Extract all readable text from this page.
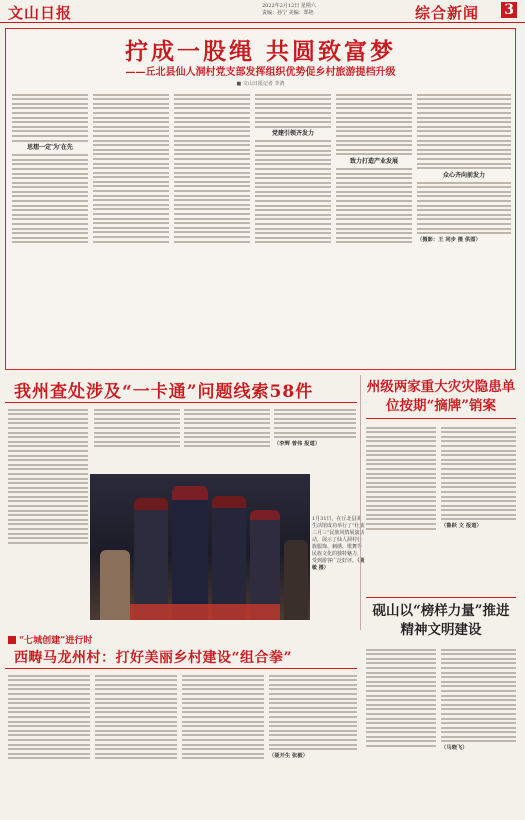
文山日报	2022年2月12日 星期六
责编：孙宁 美编：郑艳	综合新闻 3
拧成一股绳 共圆致富梦
——丘北县仙人洞村党支部发挥组织优势促乡村旅游提档升级
■ 文山日报记者 李鸿
思想一定'为'在先
党建引领齐发力
致力打造产业发展
众心齐向前发力
（摄影：王 同步 摄 供图）
我州查处涉及“一卡通”问题线索58件
（李辉 曾伟 报道）
1月31日，在丘北县某生活馆成功举行了“壮族三月三”民族风情展演活动，展示了仙人洞村壮族服饰、刺绣、歌舞等民族文化的独特魅力，受到游客广泛好评。（聂敏 摄）
州级两家重大灾灾隐患单位按期“摘牌”销案
（鲁跃 文 报道）
砚山以“榜样力量”推进精神文明建设
（马晓飞）
“七城创建”进行时
西畴马龙州村：打好美丽乡村建设“组合拳”
（聂开生 张毅）
